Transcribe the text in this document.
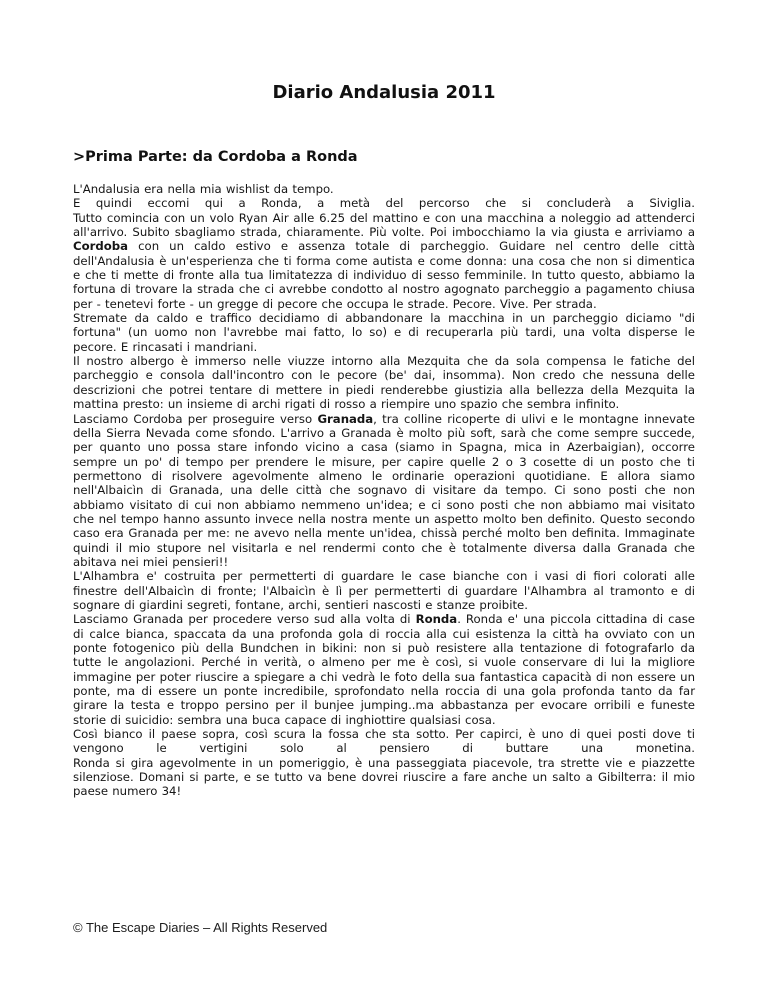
Diario Andalusia 2011
>Prima Parte: da Cordoba a Ronda

L'Andalusia era nella mia wishlist da tempo.

E quindi eccomi qui a Ronda, a metà del percorso che si concluderà a Siviglia.

Tutto comincia con un volo Ryan Air alle 6.25 del mattino e con una macchina a noleggio ad attenderci all'arrivo. Subito sbagliamo strada, chiaramente. Più volte. Poi imbocchiamo la via giusta e arriviamo a Cordoba con un caldo estivo e assenza totale di parcheggio. Guidare nel centro delle città dell'Andalusia è un'esperienza che ti forma come autista e come donna: una cosa che non si dimentica e che ti mette di fronte alla tua limitatezza di individuo di sesso femminile. In tutto questo, abbiamo la fortuna di trovare la strada che ci avrebbe condotto al nostro agognato parcheggio a pagamento chiusa per - tenetevi forte - un gregge di pecore che occupa le strade. Pecore. Vive. Per strada.

Stremate da caldo e traffico decidiamo di abbandonare la macchina in un parcheggio diciamo "di fortuna" (un uomo non l'avrebbe mai fatto, lo so) e di recuperarla più tardi, una volta disperse le pecore. E rincasati i mandriani.

Il nostro albergo è immerso nelle viuzze intorno alla Mezquita che da sola compensa le fatiche del parcheggio e consola dall'incontro con le pecore (be' dai, insomma). Non credo che nessuna delle descrizioni che potrei tentare di mettere in piedi renderebbe giustizia alla bellezza della Mezquita la mattina presto: un insieme di archi rigati di rosso a riempire uno spazio che sembra infinito.

Lasciamo Cordoba per proseguire verso Granada, tra colline ricoperte di ulivi e le montagne innevate della Sierra Nevada come sfondo. L'arrivo a Granada è molto più soft, sarà che come sempre succede, per quanto uno possa stare infondo vicino a casa (siamo in Spagna, mica in Azerbaigian), occorre sempre un po' di tempo per prendere le misure, per capire quelle 2 o 3 cosette di un posto che ti permettono di risolvere agevolmente almeno le ordinarie operazioni quotidiane. E allora siamo nell'Albaicìn di Granada, una delle città che sognavo di visitare da tempo. Ci sono posti che non abbiamo visitato di cui non abbiamo nemmeno un'idea; e ci sono posti che non abbiamo mai visitato che nel tempo hanno assunto invece nella nostra mente un aspetto molto ben definito. Questo secondo caso era Granada per me: ne avevo nella mente un'idea, chissà perché molto ben definita. Immaginate quindi il mio stupore nel visitarla e nel rendermi conto che è totalmente diversa dalla Granada che abitava nei miei pensieri!!

L'Alhambra e' costruita per permetterti di guardare le case bianche con i vasi di fiori colorati alle finestre dell'Albaicìn di fronte; l'Albaicìn è lì per permetterti di guardare l'Alhambra al tramonto e di sognare di giardini segreti, fontane, archi, sentieri nascosti e stanze proibite.

Lasciamo Granada per procedere verso sud alla volta di Ronda. Ronda e' una piccola cittadina di case di calce bianca, spaccata da una profonda gola di roccia alla cui esistenza la città ha ovviato con un ponte fotogenico più della Bundchen in bikini: non si può resistere alla tentazione di fotografarlo da tutte le angolazioni. Perché in verità, o almeno per me è così, si vuole conservare di lui la migliore immagine per poter riuscire a spiegare a chi vedrà le foto della sua fantastica capacità di non essere un ponte, ma di essere un ponte incredibile, sprofondato nella roccia di una gola profonda tanto da far girare la testa e troppo persino per il bunjee jumping..ma abbastanza per evocare orribili e funeste storie di suicidio: sembra una buca capace di inghiottire qualsiasi cosa.

Così bianco il paese sopra, così scura la fossa che sta sotto. Per capirci, è uno di quei posti dove ti vengono le vertigini solo al pensiero di buttare una monetina.

Ronda si gira agevolmente in un pomeriggio, è una passeggiata piacevole, tra strette vie e piazzette silenziose. Domani si parte, e se tutto va bene dovrei riuscire a fare anche un salto a Gibilterra: il mio paese numero 34!

© The Escape Diaries – All Rights Reserved
